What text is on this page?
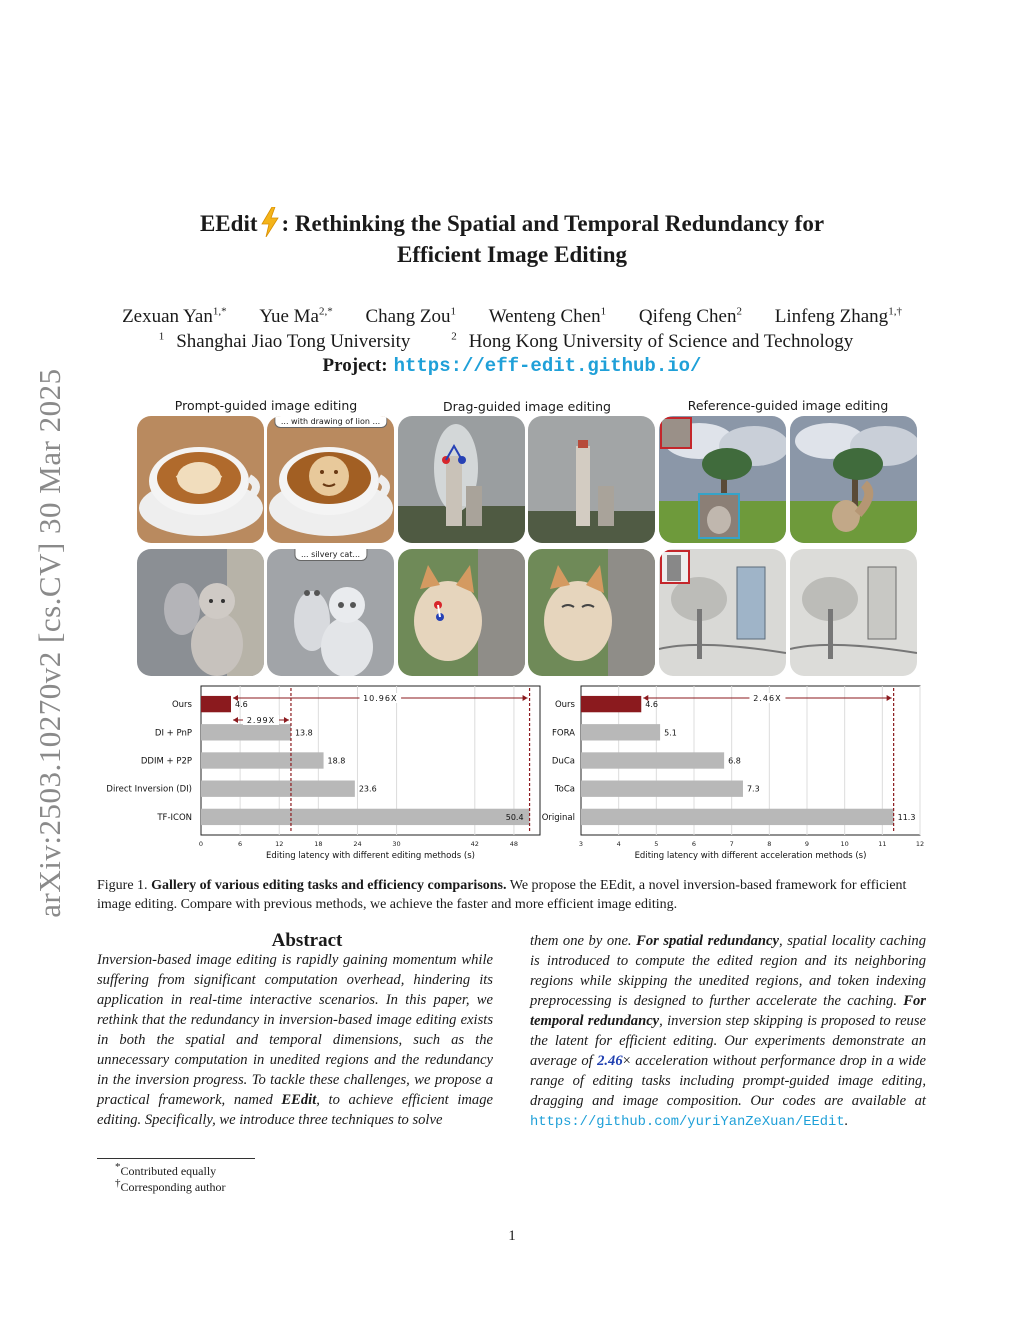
arXiv:2503.10270v2 [cs.CV] 30 Mar 2025
EEdit : Rethinking the Spatial and Temporal Redundancy for
Efficient Image Editing
Zexuan Yan$^{1,*}$ Yue $Ma^{2,*}$ Chang Zou$^1$ Wenteng Chen$^1$ Qifeng Chen$^2$ Linfeng Zhang$^{1,\dagger}$
$^1$ Shanghai Jiao Tong University	$^2$ Hong Kong University of Science and Technology
Project: https://eff-edit.github.io/
Prompt-guided image editing	Drag-guided image editing	Reference-guided image editing
... with drawing of lion ...
... silvery cat...
0	6	12	18	24	30	42	48
Ours	4.6
DI + PnP	13.8
DDIM + P2P	18.8
Direct Inversion (DI)	23.6
TF-ICON	50.4
10.96X
2.99X
Editing latency with different editing methods (s)
3	4	5	6	7	8	9	10	11	12
Ours	4.6
FORA	5.1
DuCa	6.8
ToCa	7.3
Original	11.3
2.46X
Editing latency with different acceleration methods (s)
Figure 1. Gallery of various editing tasks and efficiency comparisons. We propose the EEdit, a novel inversion-based framework for efficient image editing. Compare with previous methods, we achieve the faster and more efficient image editing.
Abstract
Inversion-based image editing is rapidly gaining momentum while suffering from significant computation overhead, hindering its application in real-time interactive scenarios. In this paper, we rethink that the redundancy in inversion-based image editing exists in both the spatial and temporal dimensions, such as the unnecessary computation in unedited regions and the redundancy in the inversion progress. To tackle these challenges, we propose a practical framework, named EEdit, to achieve efficient image editing. Specifically, we introduce three techniques to solve
them one by one. For spatial redundancy, spatial locality caching is introduced to compute the edited region and its neighboring regions while skipping the unedited regions, and token indexing preprocessing is designed to further accelerate the caching. For temporal redundancy, inversion step skipping is proposed to reuse the latent for efficient editing. Our experiments demonstrate an average of 2.46× acceleration without performance drop in a wide range of editing tasks including prompt-guided image editing, dragging and image composition. Our codes are available at https://github.com/yuriYanZeXuan/EEdit.
*Contributed equally
†Corresponding author
1
